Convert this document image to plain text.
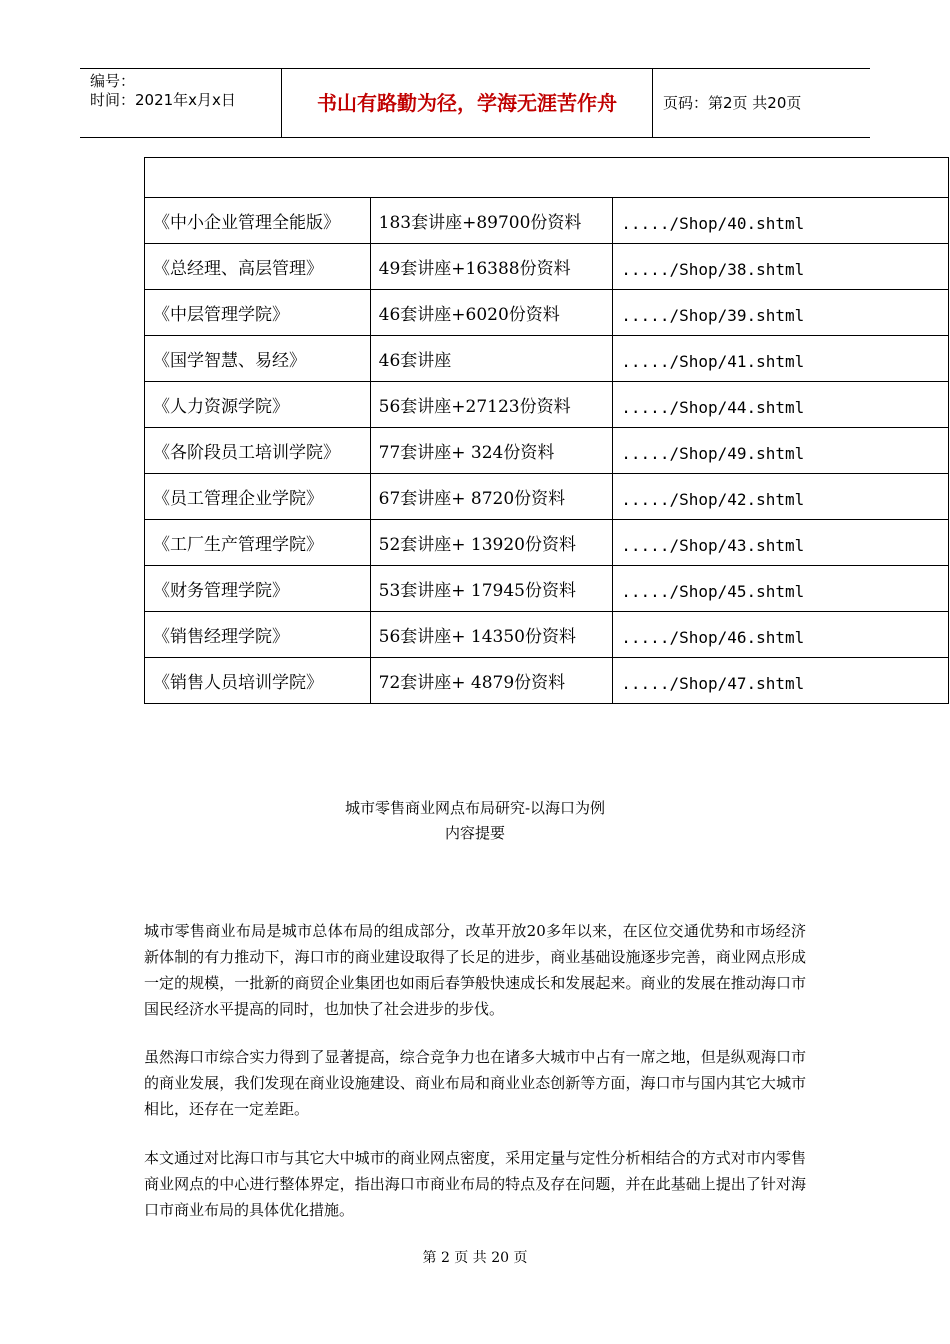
编号：
时间：2021年x月x日	书山有路勤为径，学海无涯苦作舟	页码：第2页 共20页

《中小企业管理全能版》	183套讲座+89700份资料	...../Shop/40.shtml
《总经理、高层管理》	49套讲座+16388份资料	...../Shop/38.shtml
《中层管理学院》	46套讲座+6020份资料	...../Shop/39.shtml
《国学智慧、易经》	46套讲座	...../Shop/41.shtml
《人力资源学院》	56套讲座+27123份资料	...../Shop/44.shtml
《各阶段员工培训学院》	77套讲座+ 324份资料	...../Shop/49.shtml
《员工管理企业学院》	67套讲座+ 8720份资料	...../Shop/42.shtml
《工厂生产管理学院》	52套讲座+ 13920份资料	...../Shop/43.shtml
《财务管理学院》	53套讲座+ 17945份资料	...../Shop/45.shtml
《销售经理学院》	56套讲座+ 14350份资料	...../Shop/46.shtml
《销售人员培训学院》	72套讲座+ 4879份资料	...../Shop/47.shtml
城市零售商业网点布局研究-以海口为例
内容提要

城市零售商业布局是城市总体布局的组成部分，改革开放20多年以来，在区位交通优势和市场经济新体制的有力推动下，海口市的商业建设取得了长足的进步，商业基础设施逐步完善，商业网点形成一定的规模，一批新的商贸企业集团也如雨后春笋般快速成长和发展起来。商业的发展在推动海口市国民经济水平提高的同时，也加快了社会进步的步伐。

虽然海口市综合实力得到了显著提高，综合竞争力也在诸多大城市中占有一席之地，但是纵观海口市的商业发展，我们发现在商业设施建设、商业布局和商业业态创新等方面，海口市与国内其它大城市相比，还存在一定差距。

本文通过对比海口市与其它大中城市的商业网点密度，采用定量与定性分析相结合的方式对市内零售商业网点的中心进行整体界定，指出海口市商业布局的特点及存在问题，并在此基础上提出了针对海口市商业布局的具体优化措施。

第 2 页 共 20 页
